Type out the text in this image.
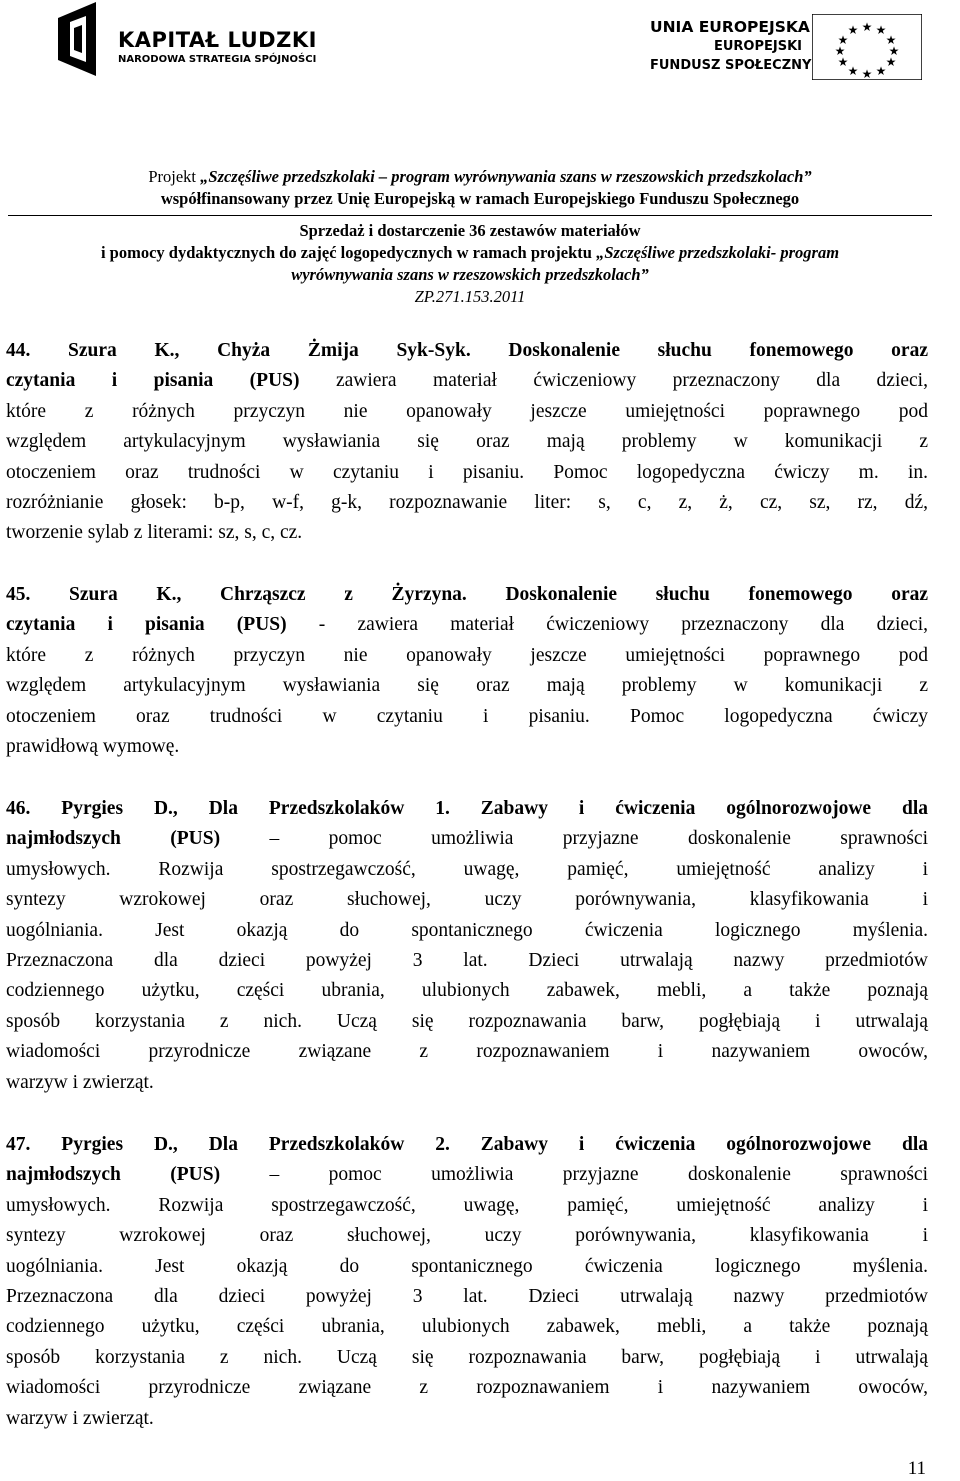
KAPITAŁ LUDZKI
NARODOWA STRATEGIA SPÓJNOŚCI
UNIA EUROPEJSKA
EUROPEJSKI
FUNDUSZ SPOŁECZNY
★ ★
★
★
★
★
★
★
★
★
★
★
Projekt „Szczęśliwe przedszkolaki – program wyrównywania szans w rzeszowskich przedszkolach”
współfinansowany przez Unię Europejską w ramach Europejskiego Funduszu Społecznego
Sprzedaż i dostarczenie 36 zestawów materiałów
i pomocy dydaktycznych do zajęć logopedycznych w ramach projektu „Szczęśliwe przedszkolaki- program
wyrównywania szans w rzeszowskich przedszkolach”
ZP.271.153.2011
44. Szura K., Chyża Żmija Syk-Syk. Doskonalenie słuchu fonemowego oraz
czytania i pisania (PUS) zawiera materiał ćwiczeniowy przeznaczony dla dzieci,
które z różnych przyczyn nie opanowały jeszcze umiejętności poprawnego pod
względem artykulacyjnym wysławiania się oraz mają problemy w komunikacji z
otoczeniem oraz trudności w czytaniu i pisaniu. Pomoc logopedyczna ćwiczy m. in.
rozróżnianie głosek: b-p, w-f, g-k, rozpoznawanie liter: s, c, z, ż, cz, sz, rz, dź,
tworzenie sylab z literami: sz, s, c, cz.
45. Szura K., Chrząszcz z Żyrzyna. Doskonalenie słuchu fonemowego oraz
czytania i pisania (PUS) - zawiera materiał ćwiczeniowy przeznaczony dla dzieci,
które z różnych przyczyn nie opanowały jeszcze umiejętności poprawnego pod
względem artykulacyjnym wysławiania się oraz mają problemy w komunikacji z
otoczeniem oraz trudności w czytaniu i pisaniu. Pomoc logopedyczna ćwiczy
prawidłową wymowę.
46. Pyrgies D., Dla Przedszkolaków 1. Zabawy i ćwiczenia ogólnorozwojowe dla
najmłodszych (PUS) – pomoc umożliwia przyjazne doskonalenie sprawności
umysłowych. Rozwija spostrzegawczość, uwagę, pamięć, umiejętność analizy i
syntezy wzrokowej oraz słuchowej, uczy porównywania, klasyfikowania i
uogólniania. Jest okazją do spontanicznego ćwiczenia logicznego myślenia.
Przeznaczona dla dzieci powyżej 3 lat. Dzieci utrwalają nazwy przedmiotów
codziennego użytku, części ubrania, ulubionych zabawek, mebli, a także poznają
sposób korzystania z nich. Uczą się rozpoznawania barw, pogłębiają i utrwalają
wiadomości przyrodnicze związane z rozpoznawaniem i nazywaniem owoców,
warzyw i zwierząt.
47. Pyrgies D., Dla Przedszkolaków 2. Zabawy i ćwiczenia ogólnorozwojowe dla
najmłodszych (PUS) – pomoc umożliwia przyjazne doskonalenie sprawności
umysłowych. Rozwija spostrzegawczość, uwagę, pamięć, umiejętność analizy i
syntezy wzrokowej oraz słuchowej, uczy porównywania, klasyfikowania i
uogólniania. Jest okazją do spontanicznego ćwiczenia logicznego myślenia.
Przeznaczona dla dzieci powyżej 3 lat. Dzieci utrwalają nazwy przedmiotów
codziennego użytku, części ubrania, ulubionych zabawek, mebli, a także poznają
sposób korzystania z nich. Uczą się rozpoznawania barw, pogłębiają i utrwalają
wiadomości przyrodnicze związane z rozpoznawaniem i nazywaniem owoców,
warzyw i zwierząt.
11
